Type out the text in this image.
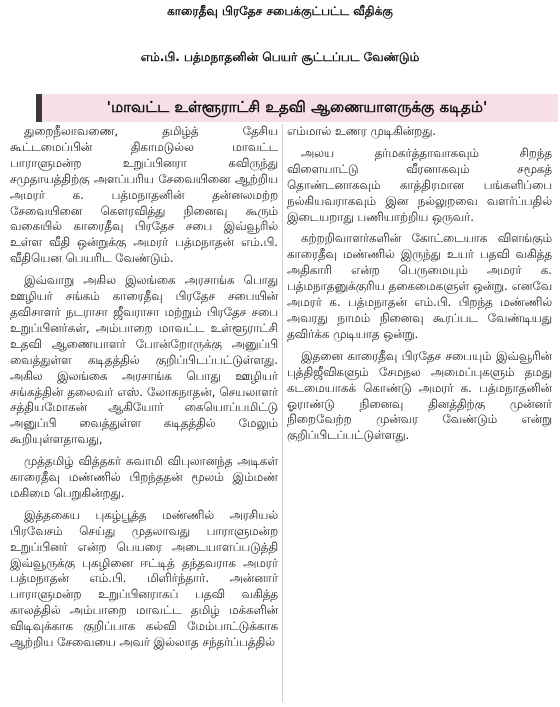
காரைதீவு பிரதேச சபைக்குட்பட்ட வீதிக்கு
எம்.பி. பத்மநாதனின் பெயர் சூட்டப்பட வேண்டும்
'மாவட்ட உள்ளூராட்சி உதவி ஆணையாளருக்கு கடிதம்'

துறைநீலாவணை, தமிழ்த் தேசிய கூட்டமைப்பின் திகாமடுல்ல மாவட்ட பாராளுமன்ற உறுப்பினரா கவிருந்து சமுதாயத்திற்கு அளப்பரிய சேவையினை ஆற்றிய அமரர் க. பத்மநாதனின் தன்னலமற்ற சேவையினை கௌரவித்து நினைவு கூரும் வகையில் காரைதீவு பிரதேச சபை இவ்வூரில் உள்ள வீதி ஒன்றுக்கு அமரர் பத்மநாதன் எம்.பி. வீதியென பெயரிட வேண்டும்.

இவ்வாறு அகில இலங்கை அரசாங்க பொது ஊழியர் சங்கம் காரைதீவு பிரதேச சபையின் தவிசாளர் நடராசா ஜீவராசா மற்றும் பிரதேச சபை உறுப்பினர்கள், அம்பாறை மாவட்ட உள்ளூராட்சி உதவி ஆணையாளர் போன்றோருக்கு அனுப்பி வைத்துள்ள கடிதத்தில் குறிப்பிடப்பட்டுள்ளது. அகில இலங்கை அரசாங்க பொது ஊழியர் சங்கத்தின் தலைவர் எஸ். லோகநாதன், செயலாளர் சத்தியமோகன் ஆகியோர் கையொப்பமிட்டு அனுப்பி வைத்துள்ள கடிதத்தில் மேலும் கூறியுள்ளதாவது,

முத்தமிழ் வித்தகர் சுவாமி விபுலானந்த அடிகள் காரைதீவு மண்ணில் பிறந்ததன் மூலம் இம்மண் மகிமை பெறுகின்றது.

இத்தகைய புகழ்பூத்த மண்ணில் அரசியல் பிரவேசம் செய்து முதலாவது பாராளுமன்ற உறுப்பினர் என்ற பெயரை அடையாளப்படுத்தி இவ்வூருக்கு புகழினை ஈட்டித் தந்தவராக அமரர் பத்மநாதன் எம்.பி. மிளிர்ந்தார். அன்னார் பாராளுமன்ற உறுப்பினராகப் பதவி வகித்த காலத்தில் அம்பாறை மாவட்ட தமிழ் மக்களின் விடிவுக்காக குறிப்பாக கல்வி மேம்பாட்டுக்காக ஆற்றிய சேவையை அவர் இல்லாத சந்தர்ப்பத்தில்

எம்மால் உணர முடிகின்றது.

அலய தர்மகர்த்தாவாகவும் சிறந்த விளையாட்டு வீரனாகவும் சமூகத் தொண்டனாகவும் காத்திரமான பங்களிப்பை நல்கியவராகவும் இன நல்லுறவை வளர்ப்பதில் இடையறாது பணியாற்றிய ஒருவர்.

கற்றறிவாளர்களின் கோட்டையாக விளங்கும் காரைதீவு மண்ணில் இருந்து உயர் பதவி வகித்த அதிகாரி என்ற பெருமையும் அமரர் க. பத்மநாதனுக்குரிய தகைமைகளுள் ஒன்று. எனவே அமரர் க. பத்மநாதன் எம்.பி. பிறந்த மண்ணில் அவரது நாமம் நினைவு கூரப்பட வேண்டியது தவிர்க்க முடியாத ஒன்று.

இதனை காரைதீவு பிரதேச சபையும் இவ்வூரின் புத்திஜீவிகளும் சேமநல அமைப்புகளும் தமது கடமையாகக் கொண்டு அமரர் க. பத்மநாதனின் ஓராண்டு நினைவு தினத்திற்கு முன்னர் நிறைவேற்ற முன்வர வேண்டும் என்று குறிப்பிடப்பட்டுள்ளது.
